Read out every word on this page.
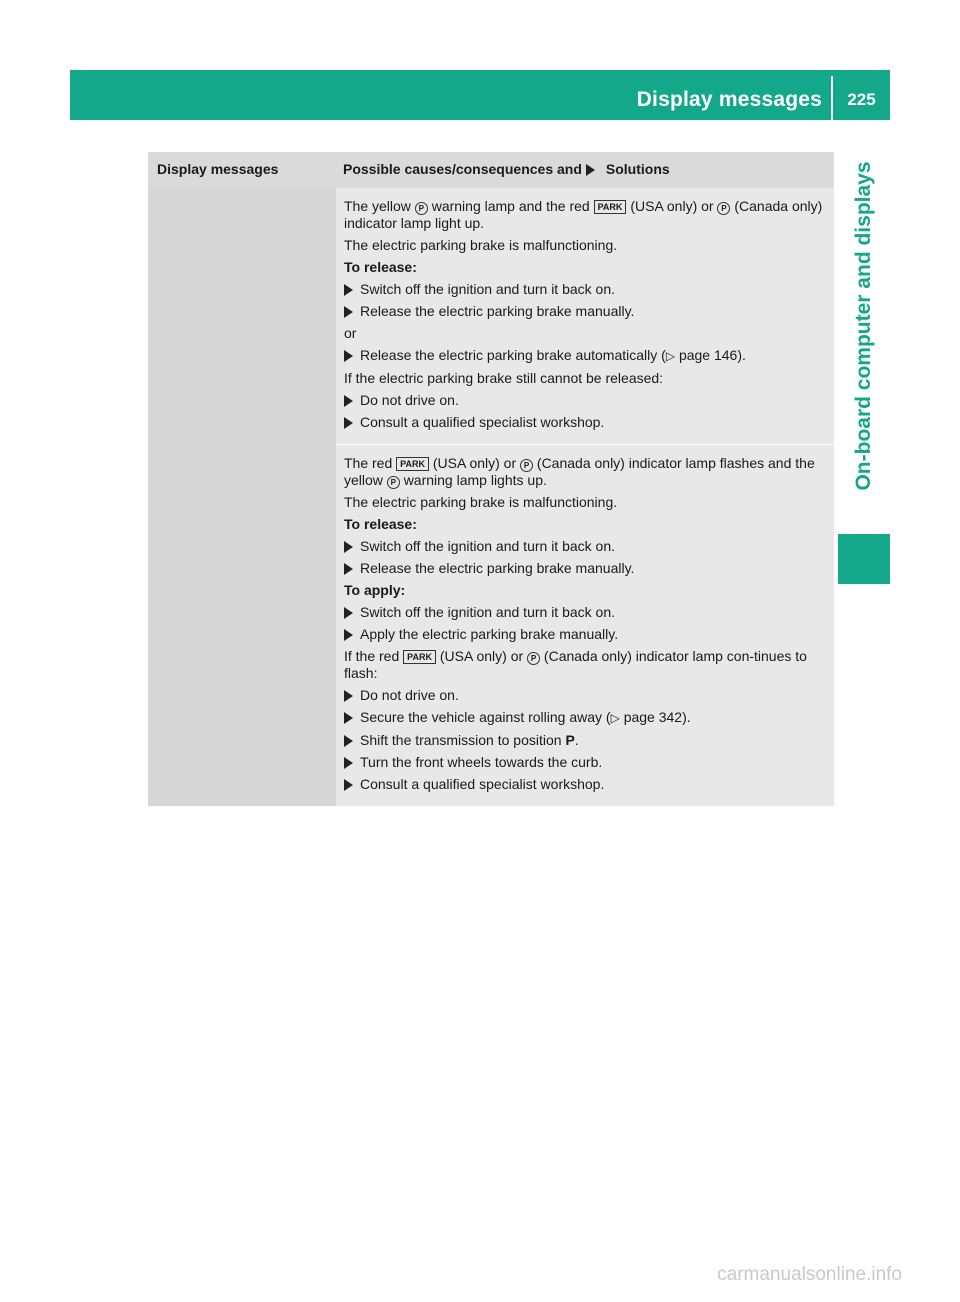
Display messages	225
On-board computer and displays
Display messages	Possible causes/consequences and Solutions

The yellow P warning lamp and the red PARK (USA only) or P (Canada only) indicator lamp light up.

The electric parking brake is malfunctioning.

To release:

Switch off the ignition and turn it back on.
Release the electric parking brake manually.

or

Release the electric parking brake automatically (▷ page 146).

If the electric parking brake still cannot be released:

Do not drive on.
Consult a qualified specialist workshop.

The red PARK (USA only) or P (Canada only) indicator lamp flashes and the yellow P warning lamp lights up.

The electric parking brake is malfunctioning.

To release:

Switch off the ignition and turn it back on.
Release the electric parking brake manually.

To apply:

Switch off the ignition and turn it back on.
Apply the electric parking brake manually.

If the red PARK (USA only) or P (Canada only) indicator lamp con-tinues to flash:

Do not drive on.
Secure the vehicle against rolling away (▷ page 342).
Shift the transmission to position P.
Turn the front wheels towards the curb.
Consult a qualified specialist workshop.
carmanualsonline.info
